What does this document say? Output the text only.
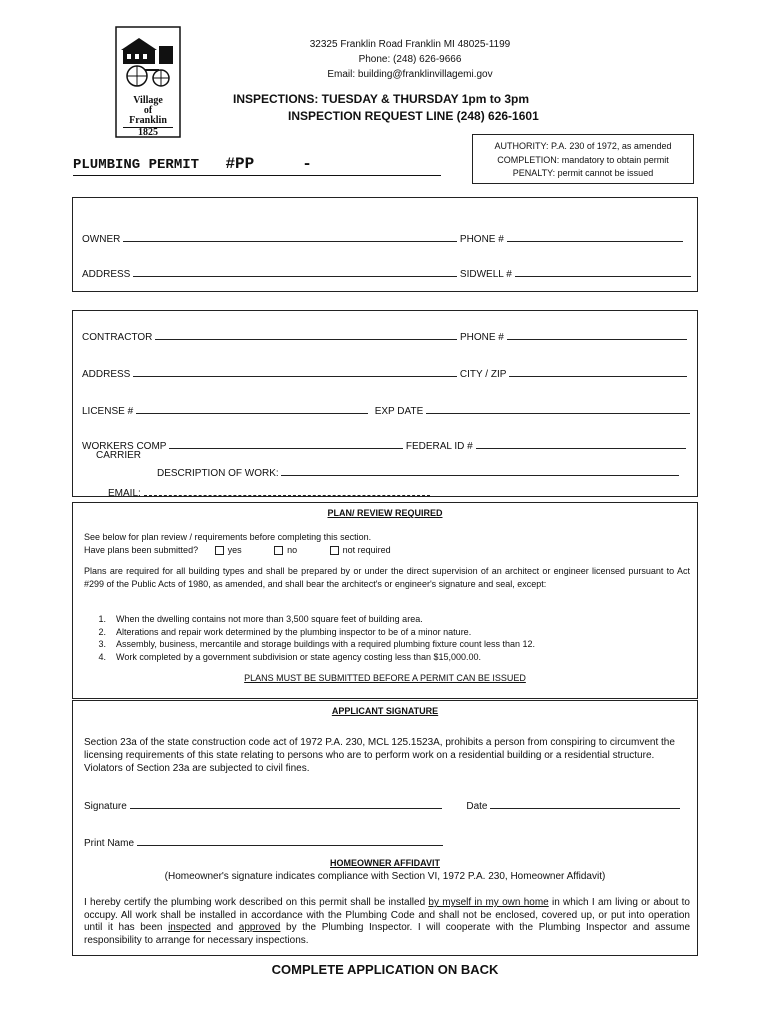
Village
of
Franklin
1825
32325 Franklin Road Franklin MI 48025-1199
Phone: (248) 626-9666
Email: building@franklinvillagemi.gov
INSPECTIONS: TUESDAY & THURSDAY 1pm to 3pm
INSPECTION REQUEST LINE (248) 626-1601
PLUMBING PERMIT #PP     -
AUTHORITY: P.A. 230 of 1972, as amended
COMPLETION: mandatory to obtain permit
PENALTY: permit cannot be issued
OWNER	PHONE #
ADDRESS	SIDWELL #
CONTRACTOR	PHONE #
ADDRESS	CITY / ZIP
LICENSE #	EXP DATE
WORKERS COMP	FEDERAL ID #
CARRIER
DESCRIPTION OF WORK:
EMAIL:
PLAN/ REVIEW REQUIRED
See below for plan review / requirements before completing this section.
Have plans been submitted?	yes	no	not required
Plans are required for all building types and shall be prepared by or under the direct supervision of an architect or engineer licensed pursuant to Act #299 of the Public Acts of 1980, as amended, and shall bear the architect's or engineer's signature and seal, except:
1. When the dwelling contains not more than 3,500 square feet of building area.
2. Alterations and repair work determined by the plumbing inspector to be of a minor nature.
3. Assembly, business, mercantile and storage buildings with a required plumbing fixture count less than 12.
4. Work completed by a government subdivision or state agency costing less than $15,000.00.
PLANS MUST BE SUBMITTED BEFORE A PERMIT CAN BE ISSUED
APPLICANT SIGNATURE
Section 23a of the state construction code act of 1972 P.A. 230, MCL 125.1523A, prohibits a person from conspiring to circumvent the licensing requirements of this state relating to persons who are to perform work on a residential building or a residential structure. Violators of Section 23a are subjected to civil fines.
Signature	Date
Print Name
HOMEOWNER AFFIDAVIT
(Homeowner's signature indicates compliance with Section VI, 1972 P.A. 230, Homeowner Affidavit)
I hereby certify the plumbing work described on this permit shall be installed by myself in my own home in which I am living or about to occupy. All work shall be installed in accordance with the Plumbing Code and shall not be enclosed, covered up, or put into operation until it has been inspected and approved by the Plumbing Inspector. I will cooperate with the Plumbing Inspector and assume responsibility to arrange for necessary inspections.
COMPLETE APPLICATION ON BACK
